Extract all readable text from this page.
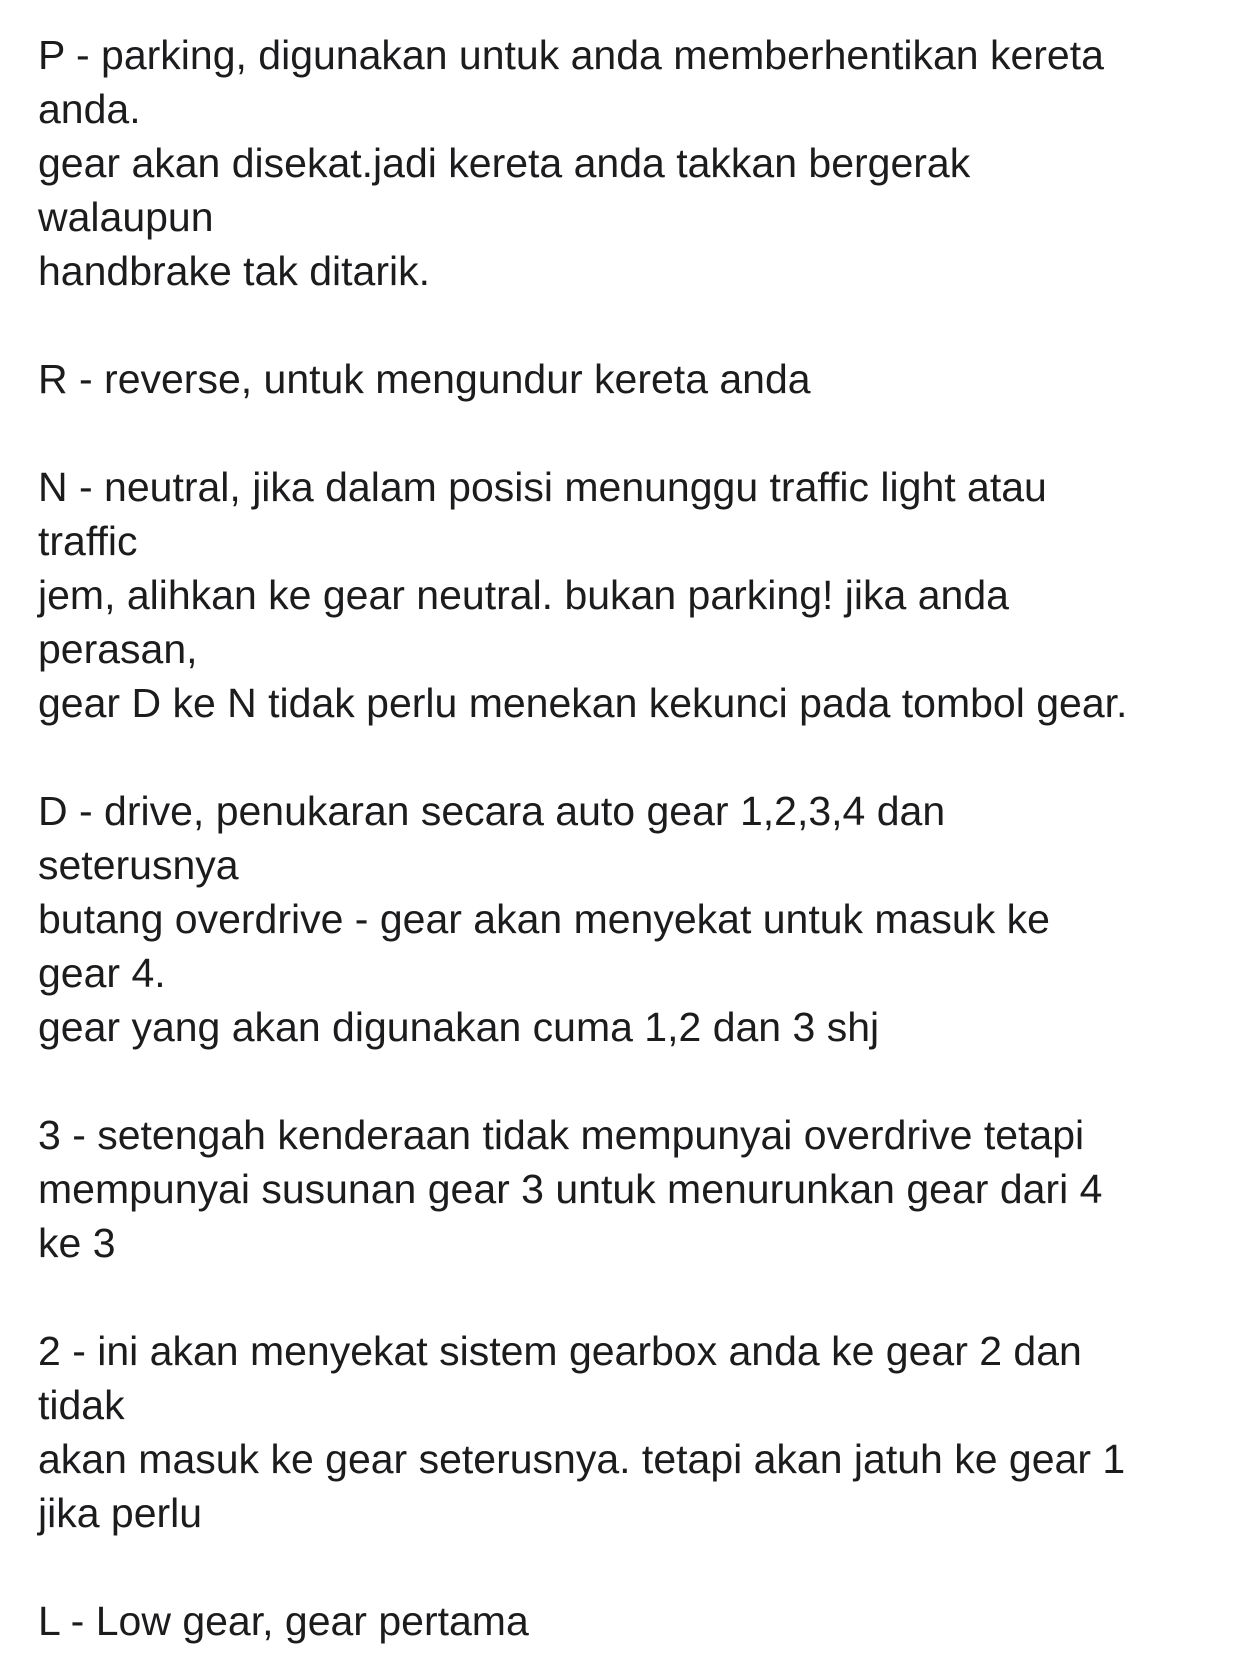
P - parking, digunakan untuk anda memberhentikan kereta
anda.
gear akan disekat.jadi kereta anda takkan bergerak
walaupun
handbrake tak ditarik.
R - reverse, untuk mengundur kereta anda
N - neutral, jika dalam posisi menunggu traffic light atau
traffic
jem, alihkan ke gear neutral. bukan parking! jika anda
perasan,
gear D ke N tidak perlu menekan kekunci pada tombol gear.
D - drive, penukaran secara auto gear 1,2,3,4 dan
seterusnya
butang overdrive - gear akan menyekat untuk masuk ke
gear 4.
gear yang akan digunakan cuma 1,2 dan 3 shj
3 - setengah kenderaan tidak mempunyai overdrive tetapi
mempunyai susunan gear 3 untuk menurunkan gear dari 4
ke 3
2 - ini akan menyekat sistem gearbox anda ke gear 2 dan
tidak
akan masuk ke gear seterusnya. tetapi akan jatuh ke gear 1
jika perlu
L - Low gear, gear pertama
